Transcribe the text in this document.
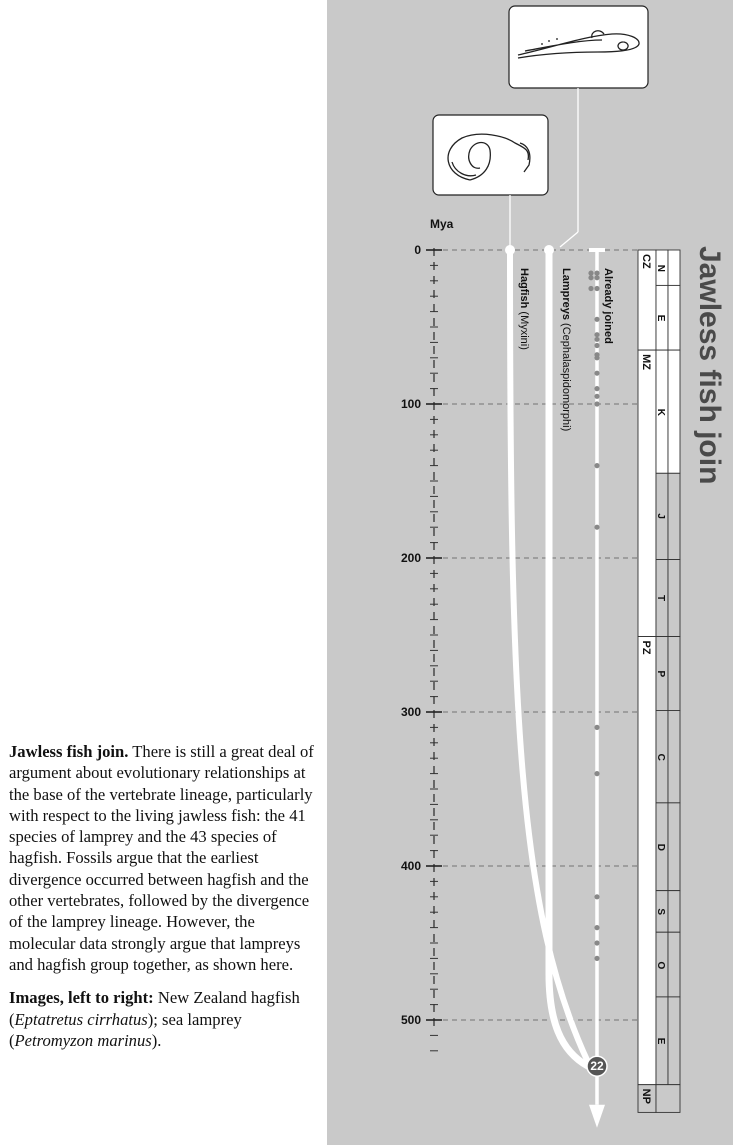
Mya
0
100
200
300
400
500
CZ
MZ
PZ
NP
N
E
K
J
T
P
C
D
S
O
E
22
Hagfish (Myxini)
Lampreys (Cephalaspidomorphi)
Already joined	Jawless fish join

Jawless fish join. There is still a great deal of argument about evolutionary relationships at the base of the vertebrate lineage, particularly with respect to the living jawless fish: the 41 species of lamprey and the 43 species of hagfish. Fossils argue that the earliest divergence occurred between hagfish and the other vertebrates, followed by the divergence of the lamprey lineage. However, the molecular data strongly argue that lampreys and hagfish group together, as shown here.

Images, left to right: New Zealand hagfish (Eptatretus cirrhatus); sea lamprey (Petromyzon marinus).
